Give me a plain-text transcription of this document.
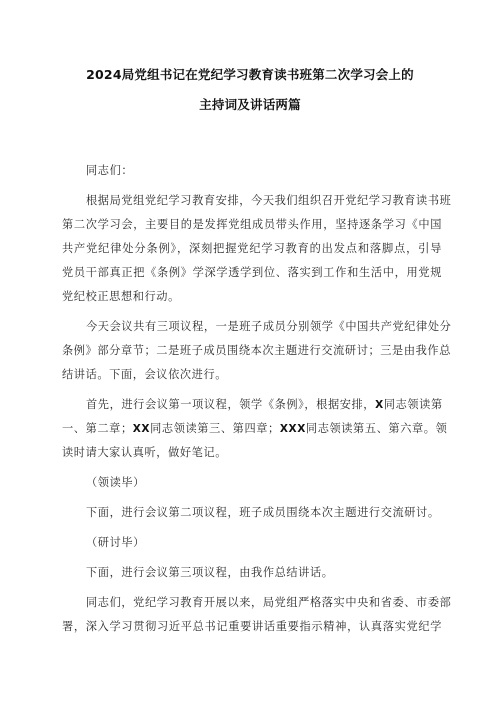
2024局党组书记在党纪学习教育读书班第二次学习会上的
主持词及讲话两篇
同志们：
根据局党组党纪学习教育安排，今天我们组织召开党纪学习教育读书班
第二次学习会，主要目的是发挥党组成员带头作用，坚持逐条学习《中国
共产党纪律处分条例》，深刻把握党纪学习教育的出发点和落脚点，引导
党员干部真正把《条例》学深学透学到位、落实到工作和生活中，用党规
党纪校正思想和行动。
今天会议共有三项议程，一是班子成员分别领学《中国共产党纪律处分
条例》部分章节；二是班子成员围绕本次主题进行交流研讨；三是由我作总
结讲话。下面，会议依次进行。
首先，进行会议第一项议程，领学《条例》，根据安排，X同志领读第
一、第二章；XX同志领读第三、第四章；XXX同志领读第五、第六章。领
读时请大家认真听，做好笔记。
（领读毕）
下面，进行会议第二项议程，班子成员围绕本次主题进行交流研讨。
（研讨毕）
下面，进行会议第三项议程，由我作总结讲话。
同志们，党纪学习教育开展以来，局党组严格落实中央和省委、市委部
署，深入学习贯彻习近平总书记重要讲话重要指示精神，认真落实党纪学
